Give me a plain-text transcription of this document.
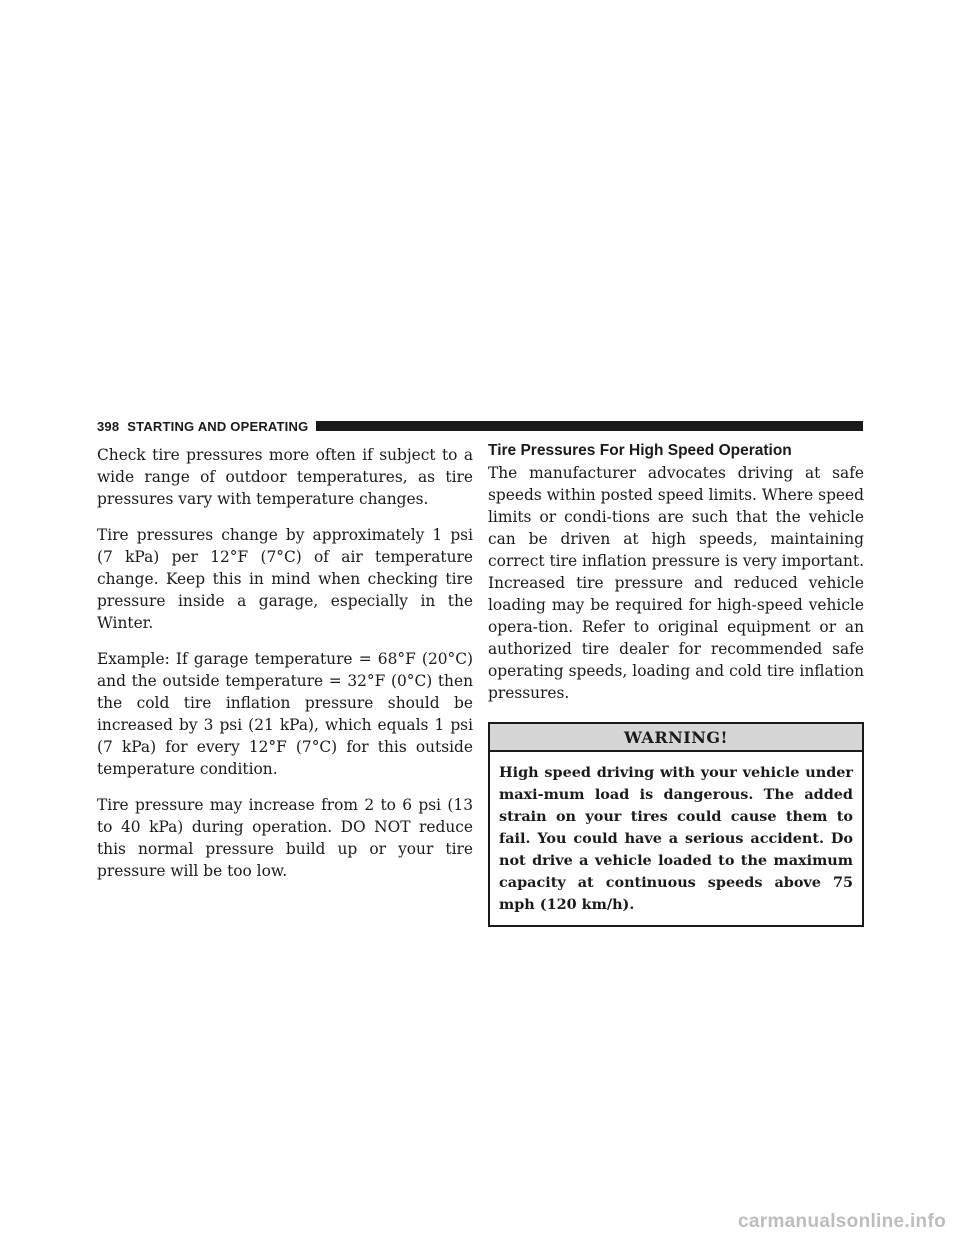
398 STARTING AND OPERATING

Check tire pressures more often if subject to a wide range of outdoor temperatures, as tire pressures vary with temperature changes.

Tire pressures change by approximately 1 psi (7 kPa) per 12°F (7°C) of air temperature change. Keep this in mind when checking tire pressure inside a garage, especially in the Winter.

Example: If garage temperature = 68°F (20°C) and the outside temperature = 32°F (0°C) then the cold tire inflation pressure should be increased by 3 psi (21 kPa), which equals 1 psi (7 kPa) for every 12°F (7°C) for this outside temperature condition.

Tire pressure may increase from 2 to 6 psi (13 to 40 kPa) during operation. DO NOT reduce this normal pressure build up or your tire pressure will be too low.

Tire Pressures For High Speed Operation

The manufacturer advocates driving at safe speeds within posted speed limits. Where speed limits or condi-tions are such that the vehicle can be driven at high speeds, maintaining correct tire inflation pressure is very important. Increased tire pressure and reduced vehicle loading may be required for high-speed vehicle opera-tion. Refer to original equipment or an authorized tire dealer for recommended safe operating speeds, loading and cold tire inflation pressures.

WARNING!
High speed driving with your vehicle under maxi-mum load is dangerous. The added strain on your tires could cause them to fail. You could have a serious accident. Do not drive a vehicle loaded to the maximum capacity at continuous speeds above 75 mph (120 km/h).
carmanualsonline.info
